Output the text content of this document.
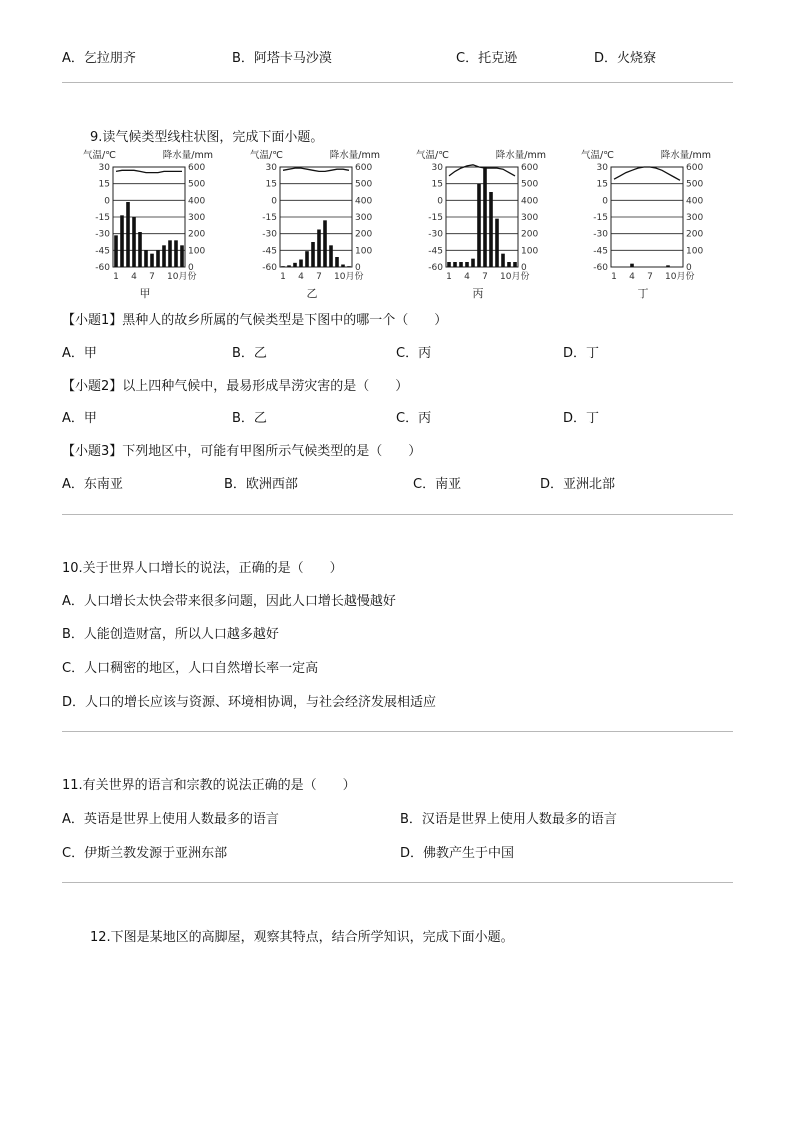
A．乞拉朋齐	B．阿塔卡马沙漠	C．托克逊	D．火烧寮
9.读气候类型线柱状图，完成下面小题。
气温/℃	降水量/mm
30	600
15	500
0	400
-15	300
-30	200
-45	100
-60	0
1 4 7 10月份
甲
气温/℃	降水量/mm
30	600
15	500
0	400
-15	300
-30	200
-45	100
-60	0
1 4 7 10月份
乙
气温/℃	降水量/mm
30	600
15	500
0	400
-15	300
-30	200
-45	100
-60	0
1 4 7 10月份
丙
气温/℃	降水量/mm
30	600
15	500
0	400
-15	300
-30	200
-45	100
-60	0
1 4 7 10月份
丁
【小题1】黑种人的故乡所属的气候类型是下图中的哪一个（　　）
A．甲	B．乙	C．丙	D．丁
【小题2】以上四种气候中，最易形成旱涝灾害的是（　　）
A．甲	B．乙	C．丙	D．丁
【小题3】下列地区中，可能有甲图所示气候类型的是（　　）
A．东南亚	B．欧洲西部	C．南亚	D．亚洲北部
10.关于世界人口增长的说法，正确的是（　　）
A．人口增长太快会带来很多问题，因此人口增长越慢越好
B．人能创造财富，所以人口越多越好
C．人口稠密的地区，人口自然增长率一定高
D．人口的增长应该与资源、环境相协调，与社会经济发展相适应
11.有关世界的语言和宗教的说法正确的是（　　）
A．英语是世界上使用人数最多的语言	B．汉语是世界上使用人数最多的语言
C．伊斯兰教发源于亚洲东部	D．佛教产生于中国
12.下图是某地区的高脚屋，观察其特点，结合所学知识，完成下面小题。
